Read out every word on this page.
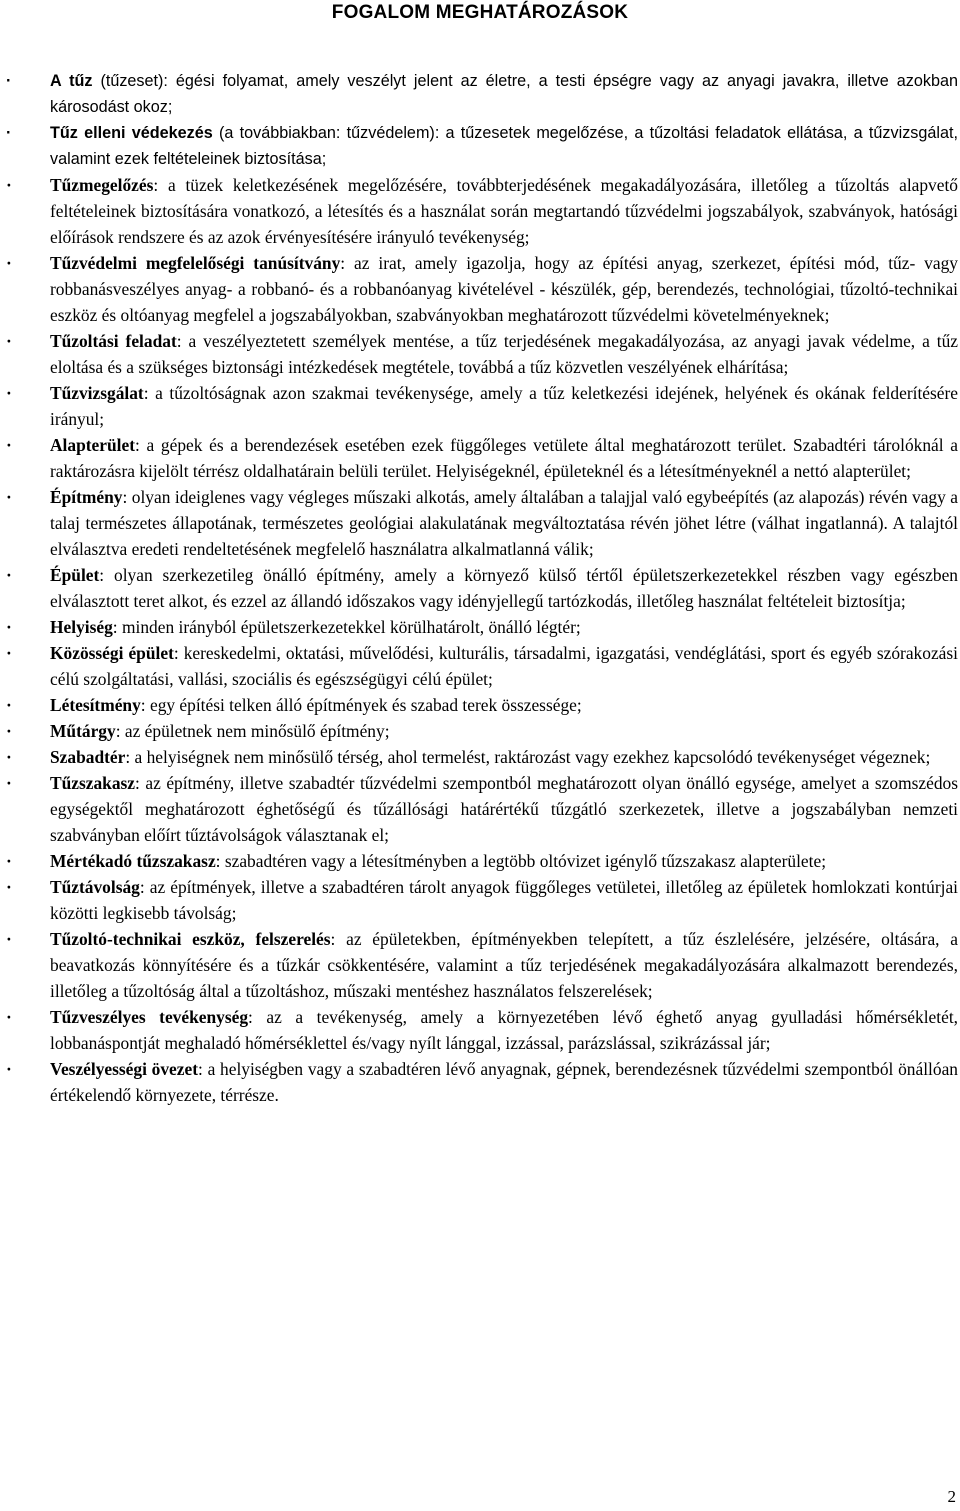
FOGALOM MEGHATÁROZÁSOK
· A tűz (tűzeset): égési folyamat, amely veszélyt jelent az életre, a testi épségre vagy az anyagi javakra, illetve azokban károsodást okoz;
· Tűz elleni védekezés (a továbbiakban: tűzvédelem): a tűzesetek megelőzése, a tűzoltási feladatok ellátása, a tűzvizsgálat, valamint ezek feltételeinek biztosítása;
· Tűzmegelőzés: a tüzek keletkezésének megelőzésére, továbbterjedésének megakadályozására, illetőleg a tűzoltás alapvető feltételeinek biztosítására vonatkozó, a létesítés és a használat során megtartandó tűzvédelmi jogszabályok, szabványok, hatósági előírások rendszere és az azok érvényesítésére irányuló tevékenység;
· Tűzvédelmi megfelelőségi tanúsítvány: az irat, amely igazolja, hogy az építési anyag, szerkezet, építési mód, tűz- vagy robbanásveszélyes anyag- a robbanó- és a robbanóanyag kivételével - készülék, gép, berendezés, technológiai, tűzoltó-technikai eszköz és oltóanyag megfelel a jogszabályokban, szabványokban meghatározott tűzvédelmi követelményeknek;
· Tűzoltási feladat: a veszélyeztetett személyek mentése, a tűz terjedésének megakadályozása, az anyagi javak védelme, a tűz eloltása és a szükséges biztonsági intézkedések megtétele, továbbá a tűz közvetlen veszélyének elhárítása;
· Tűzvizsgálat: a tűzoltóságnak azon szakmai tevékenysége, amely a tűz keletkezési idejének, helyének és okának felderítésére irányul;
· Alapterület: a gépek és a berendezések esetében ezek függőleges vetülete által meghatározott terület. Szabadtéri tárolóknál a raktározásra kijelölt térrész oldalhatárain belüli terület. Helyiségeknél, épületeknél és a létesítményeknél a nettó alapterület;
· Építmény: olyan ideiglenes vagy végleges műszaki alkotás, amely általában a talajjal való egybeépítés (az alapozás) révén vagy a talaj természetes állapotának, természetes geológiai alakulatának megváltoztatása révén jöhet létre (válhat ingatlanná). A talajtól elválasztva eredeti rendeltetésének megfelelő használatra alkalmatlanná válik;
· Épület: olyan szerkezetileg önálló építmény, amely a környező külső tértől épületszerkezetekkel részben vagy egészben elválasztott teret alkot, és ezzel az állandó időszakos vagy idényjellegű tartózkodás, illetőleg használat feltételeit biztosítja;
· Helyiség: minden irányból épületszerkezetekkel körülhatárolt, önálló légtér;
· Közösségi épület: kereskedelmi, oktatási, művelődési, kulturális, társadalmi, igazgatási, vendéglátási, sport és egyéb szórakozási célú szolgáltatási, vallási, szociális és egészségügyi célú épület;
· Létesítmény: egy építési telken álló építmények és szabad terek összessége;
· Műtárgy: az épületnek nem minősülő építmény;
· Szabadtér: a helyiségnek nem minősülő térség, ahol termelést, raktározást vagy ezekhez kapcsolódó tevékenységet végeznek;
· Tűzszakasz: az építmény, illetve szabadtér tűzvédelmi szempontból meghatározott olyan önálló egysége, amelyet a szomszédos egységektől meghatározott éghetőségű és tűzállósági határértékű tűzgátló szerkezetek, illetve a jogszabályban nemzeti szabványban előírt tűztávolságok választanak el;
· Mértékadó tűzszakasz: szabadtéren vagy a létesítményben a legtöbb oltóvizet igénylő tűzszakasz alapterülete;
· Tűztávolság: az építmények, illetve a szabadtéren tárolt anyagok függőleges vetületei, illetőleg az épületek homlokzati kontúrjai közötti legkisebb távolság;
· Tűzoltó-technikai eszköz, felszerelés: az épületekben, építményekben telepített, a tűz észlelésére, jelzésére, oltására, a beavatkozás könnyítésére és a tűzkár csökkentésére, valamint a tűz terjedésének megakadályozására alkalmazott berendezés, illetőleg a tűzoltóság által a tűzoltáshoz, műszaki mentéshez használatos felszerelések;
· Tűzveszélyes tevékenység: az a tevékenység, amely a környezetében lévő éghető anyag gyulladási hőmérsékletét, lobbanáspontját meghaladó hőmérséklettel és/vagy nyílt lánggal, izzással, parázslással, szikrázással jár;
· Veszélyességi övezet: a helyiségben vagy a szabadtéren lévő anyagnak, gépnek, berendezésnek tűzvédelmi szempontból önállóan értékelendő környezete, térrésze.
2
